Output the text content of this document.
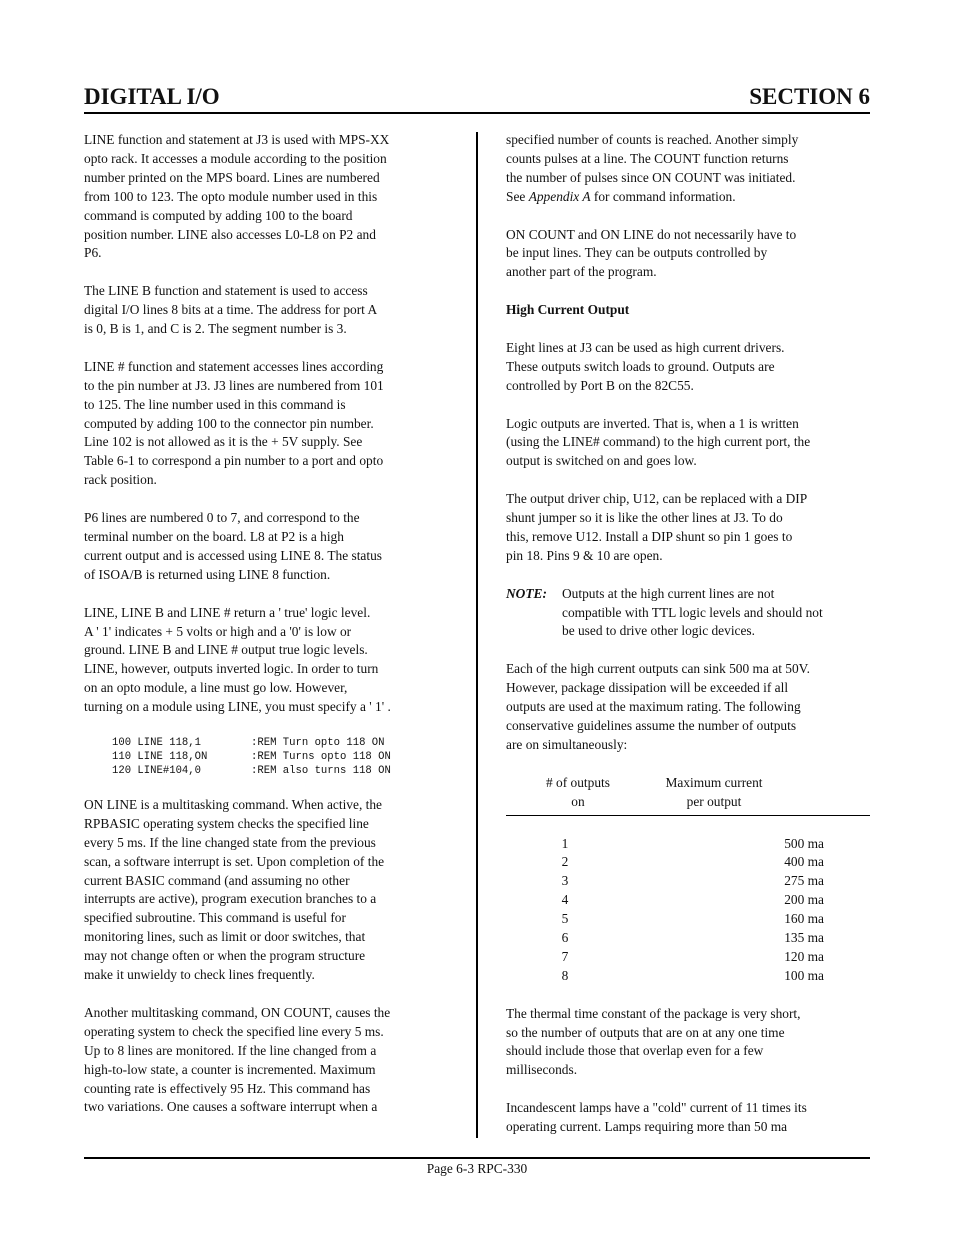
DIGITAL I/O	SECTION 6

LINE function and statement at J3 is used with MPS-XX
opto rack. It accesses a module according to the position
number printed on the MPS board. Lines are numbered
from 100 to 123. The opto module number used in this
command is computed by adding 100 to the board
position number. LINE also accesses L0-L8 on P2 and
P6.

The LINE B function and statement is used to access
digital I/O lines 8 bits at a time. The address for port A
is 0, B is 1, and C is 2. The segment number is 3.

LINE # function and statement accesses lines according
to the pin number at J3. J3 lines are numbered from 101
to 125. The line number used in this command is
computed by adding 100 to the connector pin number.
Line 102 is not allowed as it is the + 5V supply. See
Table 6-1 to correspond a pin number to a port and opto
rack position.

P6 lines are numbered 0 to 7, and correspond to the
terminal number on the board. L8 at P2 is a high
current output and is accessed using LINE 8. The status
of ISOA/B is returned using LINE 8 function.

LINE, LINE B and LINE # return a ' true' logic level.
A ' 1' indicates + 5 volts or high and a '0' is low or
ground. LINE B and LINE # output true logic levels.
LINE, however, outputs inverted logic. In order to turn
on an opto module, a line must go low. However,
turning on a module using LINE, you must specify a ' 1' .

100 LINE 118,1	:REM Turn opto 118 ON
110 LINE 118,ON	:REM Turns opto 118 ON
120 LINE#104,0	:REM also turns 118 ON

ON LINE is a multitasking command. When active, the
RPBASIC operating system checks the specified line
every 5 ms. If the line changed state from the previous
scan, a software interrupt is set. Upon completion of the
current BASIC command (and assuming no other
interrupts are active), program execution branches to a
specified subroutine. This command is useful for
monitoring lines, such as limit or door switches, that
may not change often or when the program structure
make it unwieldy to check lines frequently.

Another multitasking command, ON COUNT, causes the
operating system to check the specified line every 5 ms.
Up to 8 lines are monitored. If the line changed from a
high-to-low state, a counter is incremented. Maximum
counting rate is effectively 95 Hz. This command has
two variations. One causes a software interrupt when a

specified number of counts is reached. Another simply
counts pulses at a line. The COUNT function returns
the number of pulses since ON COUNT was initiated.
See Appendix A for command information.

ON COUNT and ON LINE do not necessarily have to
be input lines. They can be outputs controlled by
another part of the program.

High Current Output

Eight lines at J3 can be used as high current drivers.
These outputs switch loads to ground. Outputs are
controlled by Port B on the 82C55.

Logic outputs are inverted. That is, when a 1 is written
(using the LINE# command) to the high current port, the
output is switched on and goes low.

The output driver chip, U12, can be replaced with a DIP
shunt jumper so it is like the other lines at J3. To do
this, remove U12. Install a DIP shunt so pin 1 goes to
pin 18. Pins 9 & 10 are open.

NOTE:	Outputs at the high current lines are not
compatible with TTL logic levels and should not
be used to drive other logic devices.

Each of the high current outputs can sink 500 ma at 50V.
However, package dissipation will be exceeded if all
outputs are used at the maximum rating. The following
conservative guidelines assume the number of outputs
are on simultaneously:

# of outputs
on
Maximum current
per output
1	500 ma
2	400 ma
3	275 ma
4	200 ma
5	160 ma
6	135 ma
7	120 ma
8	100 ma

The thermal time constant of the package is very short,
so the number of outputs that are on at any one time
should include those that overlap even for a few
milliseconds.

Incandescent lamps have a "cold" current of 11 times its
operating current. Lamps requiring more than 50 ma

Page 6-3 RPC-330
